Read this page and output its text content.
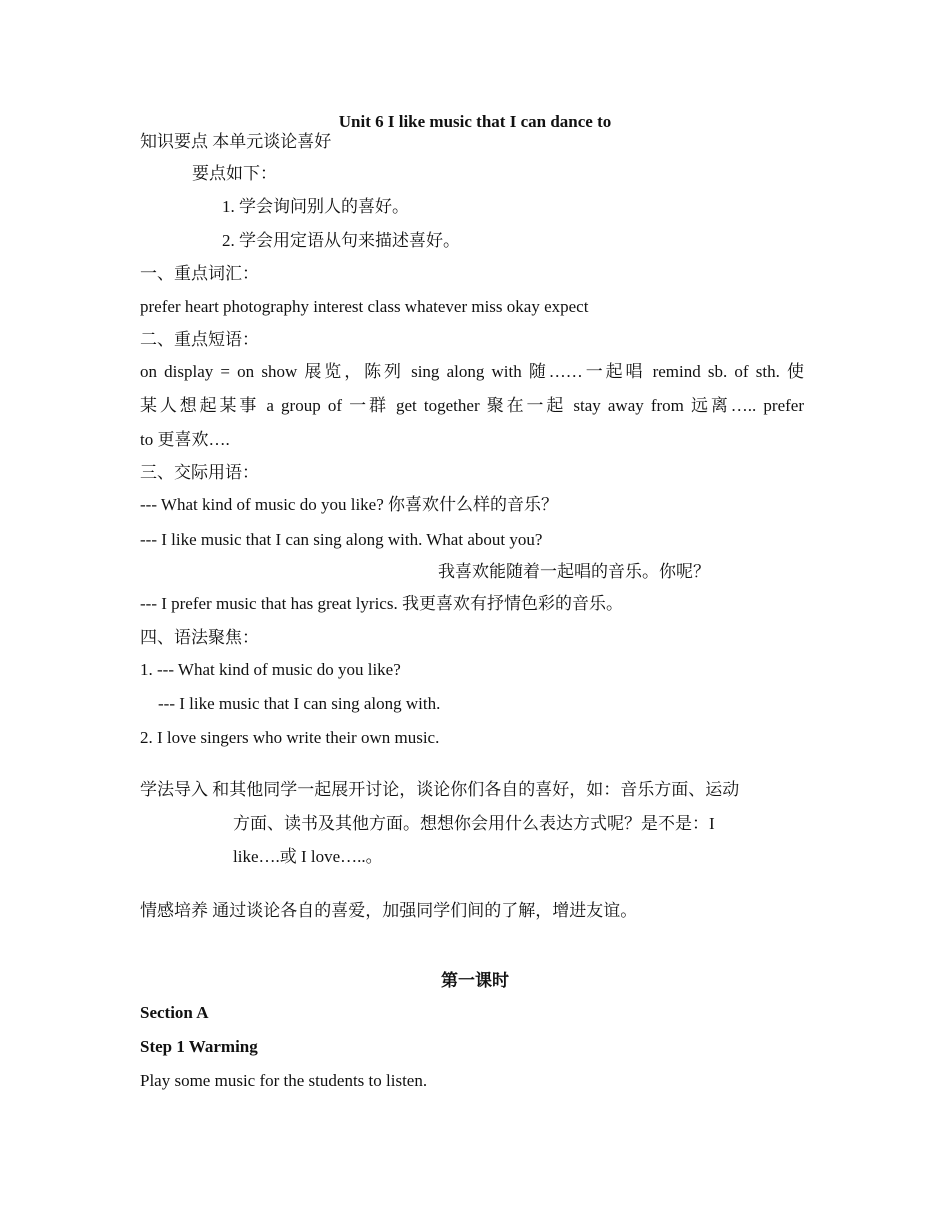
Unit 6 I like music that I can dance to
知识要点 本单元谈论喜好
要点如下：
1. 学会询问别人的喜好。
2. 学会用定语从句来描述喜好。
一、重点词汇：
prefer heart photography interest class whatever miss okay expect
二、重点短语：
on display = on show 展览，陈列 sing along with 随……一起唱 remind sb. of sth. 使
某人想起某事 a group of 一群 get together 聚在一起 stay away from 远离….. prefer
to 更喜欢….
三、交际用语：
--- What kind of music do you like? 你喜欢什么样的音乐？
--- I like music that I can sing along with. What about you?
我喜欢能随着一起唱的音乐。你呢？
--- I prefer music that has great lyrics. 我更喜欢有抒情色彩的音乐。
四、语法聚焦：
1. --- What kind of music do you like?
--- I like music that I can sing along with.
2. I love singers who write their own music.
学法导入 和其他同学一起展开讨论，谈论你们各自的喜好，如：音乐方面、运动
方面、读书及其他方面。想想你会用什么表达方式呢？是不是：I
like….或 I love…..。
情感培养 通过谈论各自的喜爱，加强同学们间的了解，增进友谊。
第一课时
Section A
Step 1 Warming
Play some music for the students to listen.
